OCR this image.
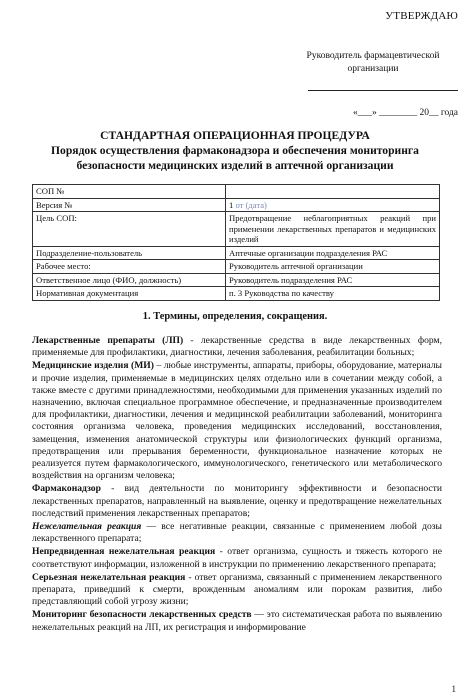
УТВЕРЖДАЮ
Руководитель фармацевтической
организации
«___» ________ 20__ года
СТАНДАРТНАЯ ОПЕРАЦИОННАЯ ПРОЦЕДУРА
Порядок осуществления фармаконадзора и обеспечения мониторинга
безопасности медицинских изделий в аптечной организации
СОП №	
Версия №	1 от (дата)
Цель СОП:	Предотвращение неблагоприятных реакций при применении лекарственных препаратов и медицинских изделий
Подразделение-пользователь	Аптечные организации подразделения РАС
Рабочее место:	Руководитель аптечной организации
Ответственное лицо (ФИО, должность)	Руководитель подразделения РАС
Нормативная документация	п. 3 Руководства по качеству
1. Термины, определения, сокращения.

Лекарственные препараты (ЛП) - лекарственные средства в виде лекарственных форм, применяемые для профилактики, диагностики, лечения заболевания, реабилитации больных;

Медицинские изделия (МИ) – любые инструменты, аппараты, приборы, оборудование, материалы и прочие изделия, применяемые в медицинских целях отдельно или в сочетании между собой, а также вместе с другими принадлежностями, необходимыми для применения указанных изделий по назначению, включая специальное программное обеспечение, и предназначенные производителем для профилактики, диагностики, лечения и медицинской реабилитации заболеваний, мониторинга состояния организма человека, проведения медицинских исследований, восстановления, замещения, изменения анатомической структуры или физиологических функций организма, предотвращения или прерывания беременности, функциональное назначение которых не реализуется путем фармакологического, иммунологического, генетического или метаболического воздействия на организм человека;

Фармаконадзор - вид деятельности по мониторингу эффективности и безопасности лекарственных препаратов, направленный на выявление, оценку и предотвращение нежелательных последствий применения лекарственных препаратов;

Нежелательная реакция — все негативные реакции, связанные с применением любой дозы лекарственного препарата;

Непредвиденная нежелательная реакция - ответ организма, сущность и тяжесть которого не соответствуют информации, изложенной в инструкции по применению лекарственного препарата;

Серьезная нежелательная реакция - ответ организма, связанный с применением лекарственного препарата, приведший к смерти, врожденным аномалиям или порокам развития, либо представляющий собой угрозу жизни;

Мониторинг безопасности лекарственных средств — это систематическая работа по выявлению нежелательных реакций на ЛП, их регистрация и информирование

1
